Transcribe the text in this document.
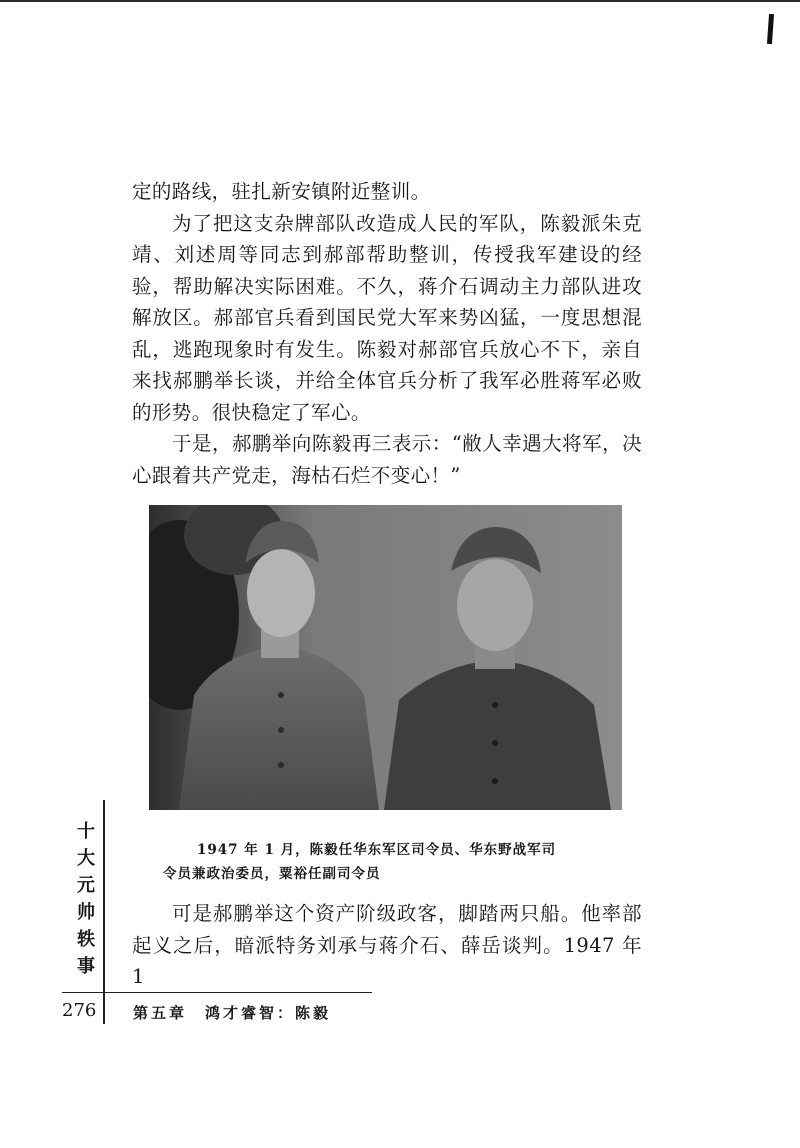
定的路线，驻扎新安镇附近整训。

为了把这支杂牌部队改造成人民的军队，陈毅派朱克靖、刘述周等同志到郝部帮助整训，传授我军建设的经验，帮助解决实际困难。不久，蒋介石调动主力部队进攻解放区。郝部官兵看到国民党大军来势凶猛，一度思想混乱，逃跑现象时有发生。陈毅对郝部官兵放心不下，亲自来找郝鹏举长谈，并给全体官兵分析了我军必胜蒋军必败的形势。很快稳定了军心。

于是，郝鹏举向陈毅再三表示：“敝人幸遇大将军，决心跟着共产党走，海枯石烂不变心！”

1947 年 1 月，陈毅任华东军区司令员、华东野战军司
令员兼政治委员，粟裕任副司令员
十
大
元
帅
轶
事

可是郝鹏举这个资产阶级政客，脚踏两只船。他率部起义之后，暗派特务刘承与蒋介石、薛岳谈判。1947 年 1

276 第五章　鸿才睿智：陈毅
